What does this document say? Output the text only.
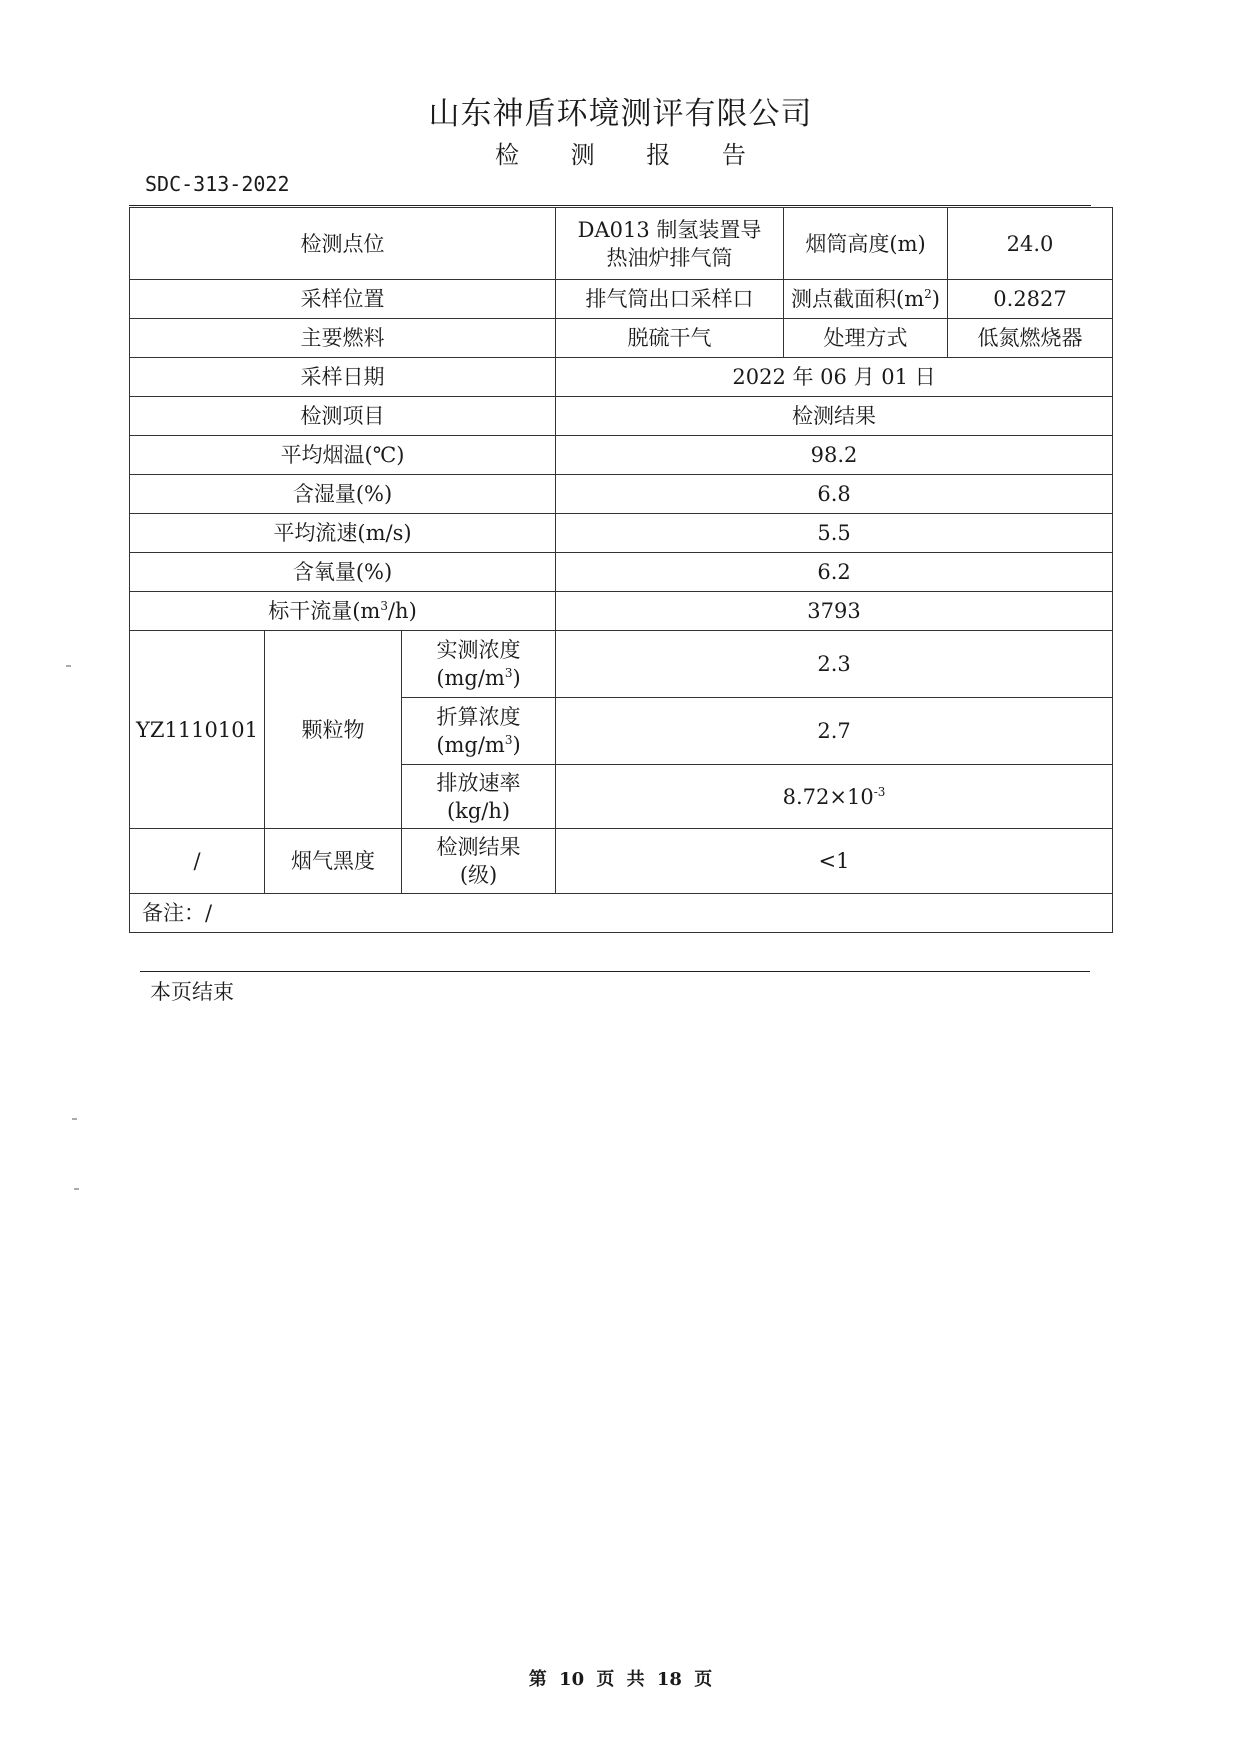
山东神盾环境测评有限公司
检 测 报 告
SDC-313-2022
检测点位			DA013 制氢装置导
热油炉排气筒	烟筒高度(m)	24.0
采样位置			排气筒出口采样口	测点截面积$(m^2)$	0.2827
主要燃料			脱硫干气	处理方式	低氮燃烧器
采样日期			2022 年 06 月 01 日		
检测项目			检测结果		
平均烟温(℃)			98.2		
含湿量(%)			6.8		
平均流速(m/s)			5.5		
含氧量(%)			6.2		
标干流量$(m^3/h)$			3793		
YZ1110101	颗粒物	实测浓度
$(mg/m^3)$	2.3		

		折算浓度
$(mg/m^3)$	2.7		

		排放速率
(kg/h)	$8.72\times 10^{-3}$
/	烟气黑度	检测结果
(级)	<1		
备注：/					
本页结束
第 10 页 共 18 页
